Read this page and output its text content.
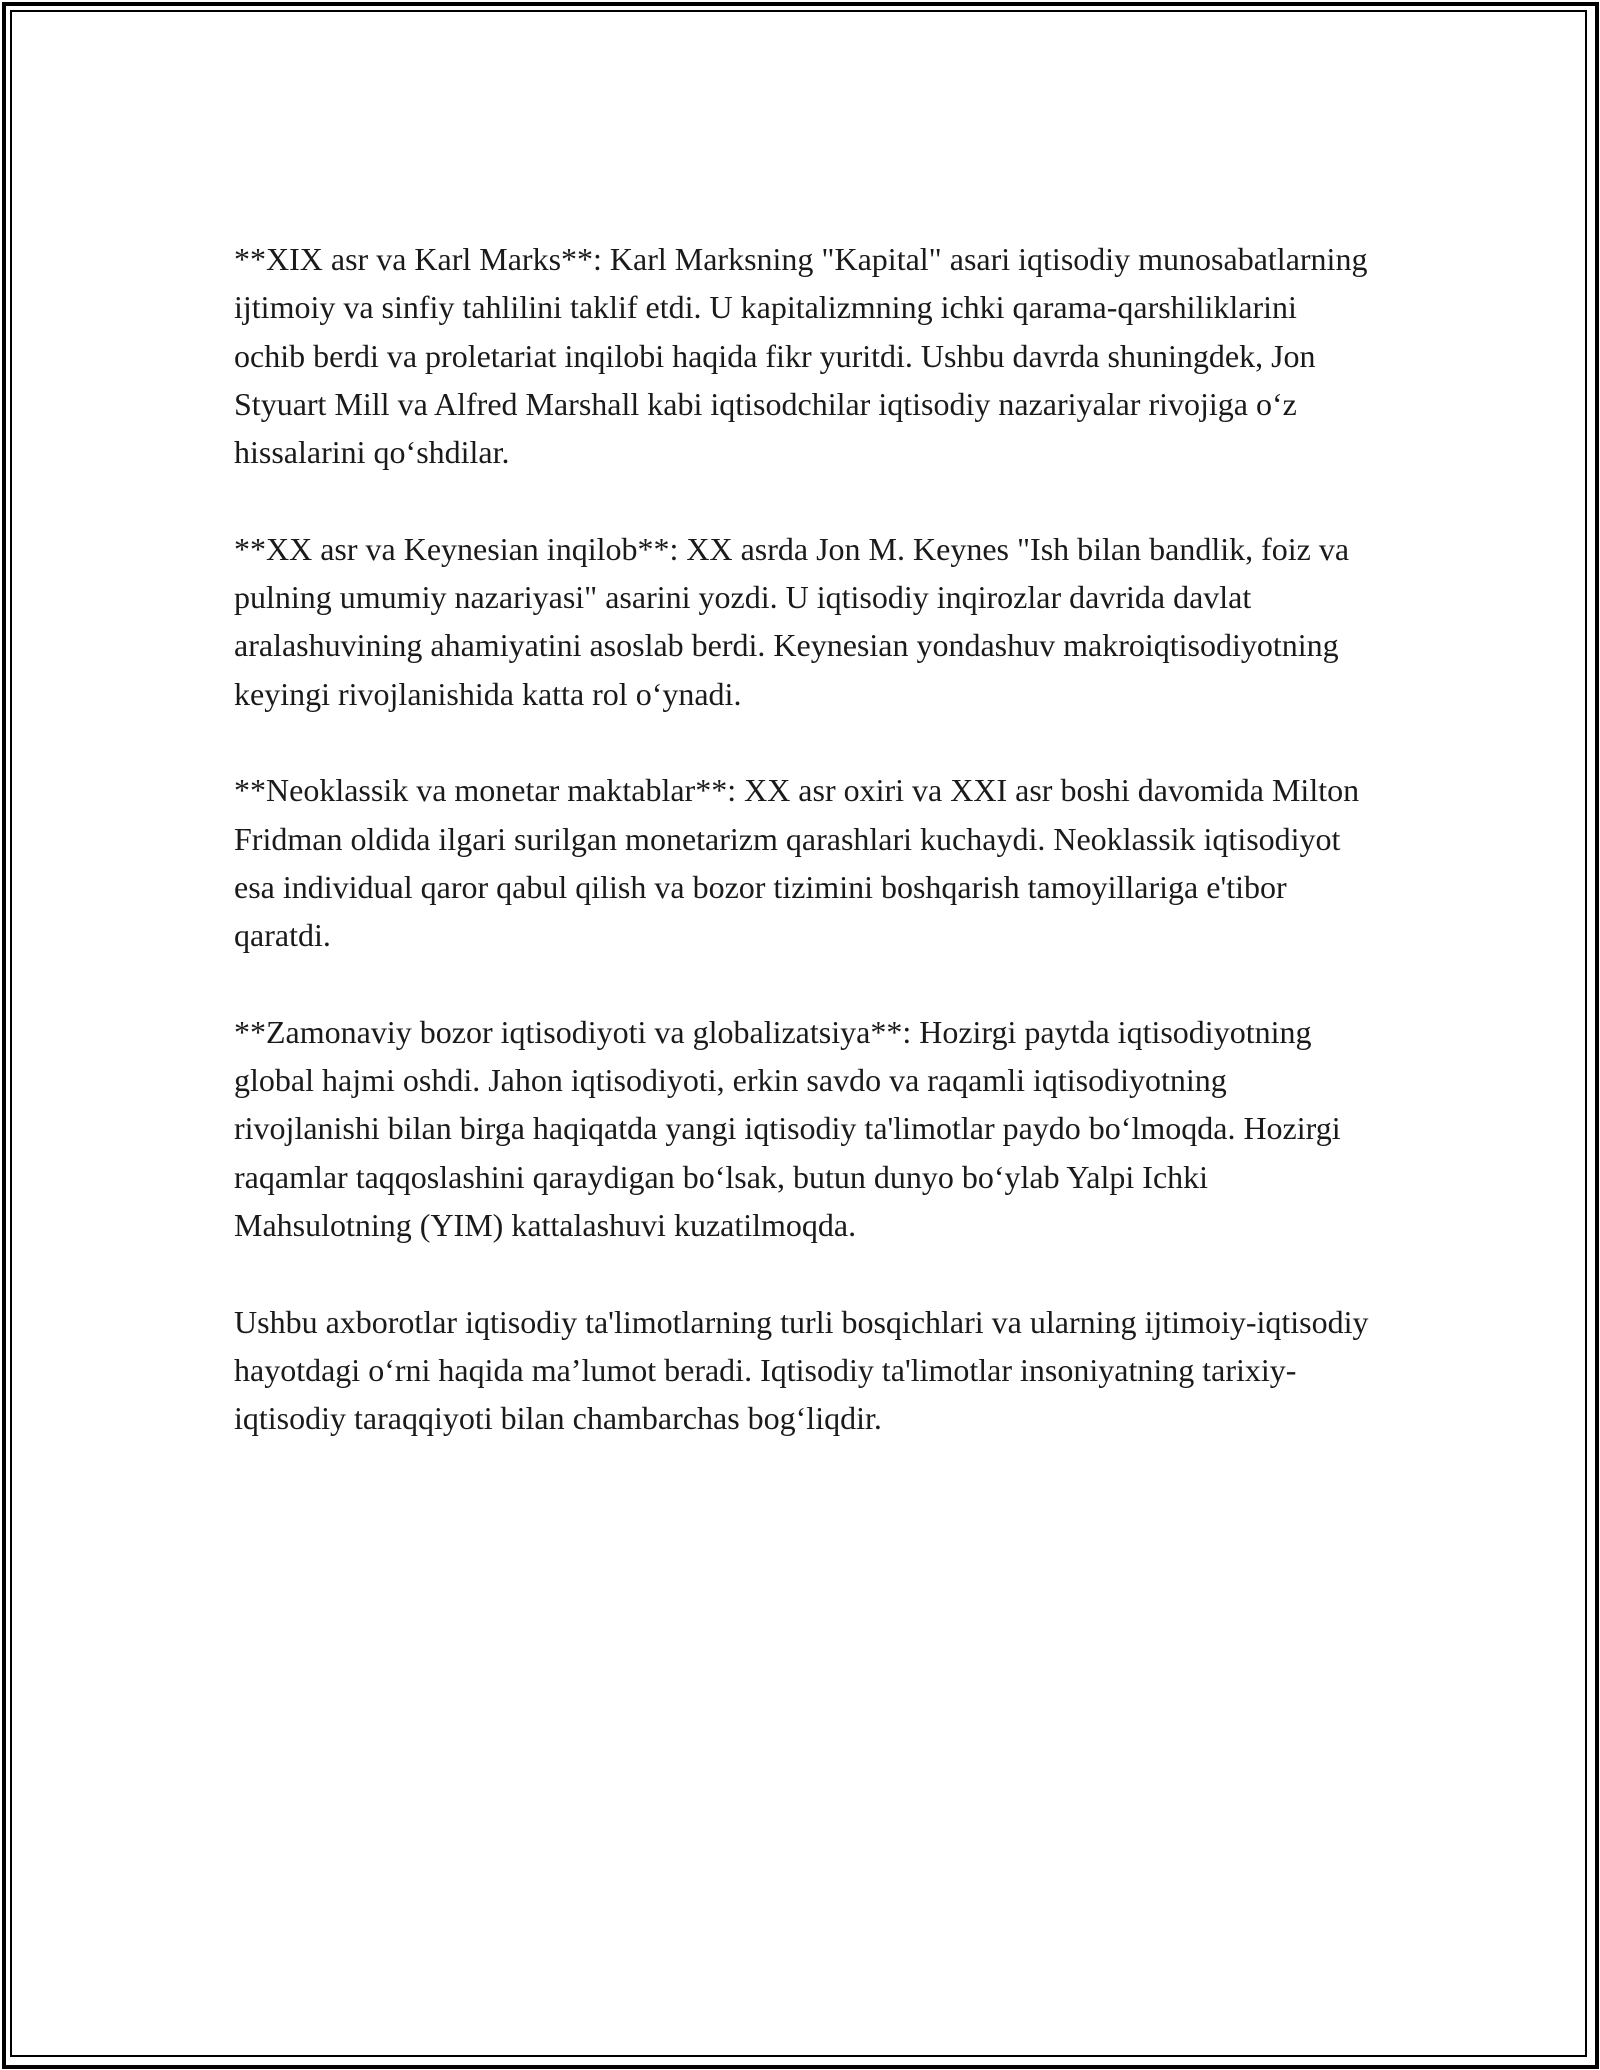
**XIX asr va Karl Marks**: Karl Marksning "Kapital" asari iqtisodiy munosabatlarning ijtimoiy va sinfiy tahlilini taklif etdi. U kapitalizmning ichki qarama-qarshiliklarini ochib berdi va proletariat inqilobi haqida fikr yuritdi. Ushbu davrda shuningdek, Jon Styuart Mill va Alfred Marshall kabi iqtisodchilar iqtisodiy nazariyalar rivojiga o‘z hissalarini qo‘shdilar.

**XX asr va Keynesian inqilob**: XX asrda Jon M. Keynes "Ish bilan bandlik, foiz va pulning umumiy nazariyasi" asarini yozdi. U iqtisodiy inqirozlar davrida davlat aralashuvining ahamiyatini asoslab berdi. Keynesian yondashuv makroiqtisodiyotning keyingi rivojlanishida katta rol o‘ynadi.

**Neoklassik va monetar maktablar**: XX asr oxiri va XXI asr boshi davomida Milton Fridman oldida ilgari surilgan monetarizm qarashlari kuchaydi. Neoklassik iqtisodiyot esa individual qaror qabul qilish va bozor tizimini boshqarish tamoyillariga e'tibor qaratdi.

**Zamonaviy bozor iqtisodiyoti va globalizatsiya**: Hozirgi paytda iqtisodiyotning global hajmi oshdi. Jahon iqtisodiyoti, erkin savdo va raqamli iqtisodiyotning rivojlanishi bilan birga haqiqatda yangi iqtisodiy ta'limotlar paydo bo‘lmoqda. Hozirgi raqamlar taqqoslashini qaraydigan bo‘lsak, butun dunyo bo‘ylab Yalpi Ichki Mahsulotning (YIM) kattalashuvi kuzatilmoqda.

Ushbu axborotlar iqtisodiy ta'limotlarning turli bosqichlari va ularning ijtimoiy-iqtisodiy hayotdagi o‘rni haqida ma’lumot beradi. Iqtisodiy ta'limotlar insoniyatning tarixiy-iqtisodiy taraqqiyoti bilan chambarchas bog‘liqdir.
